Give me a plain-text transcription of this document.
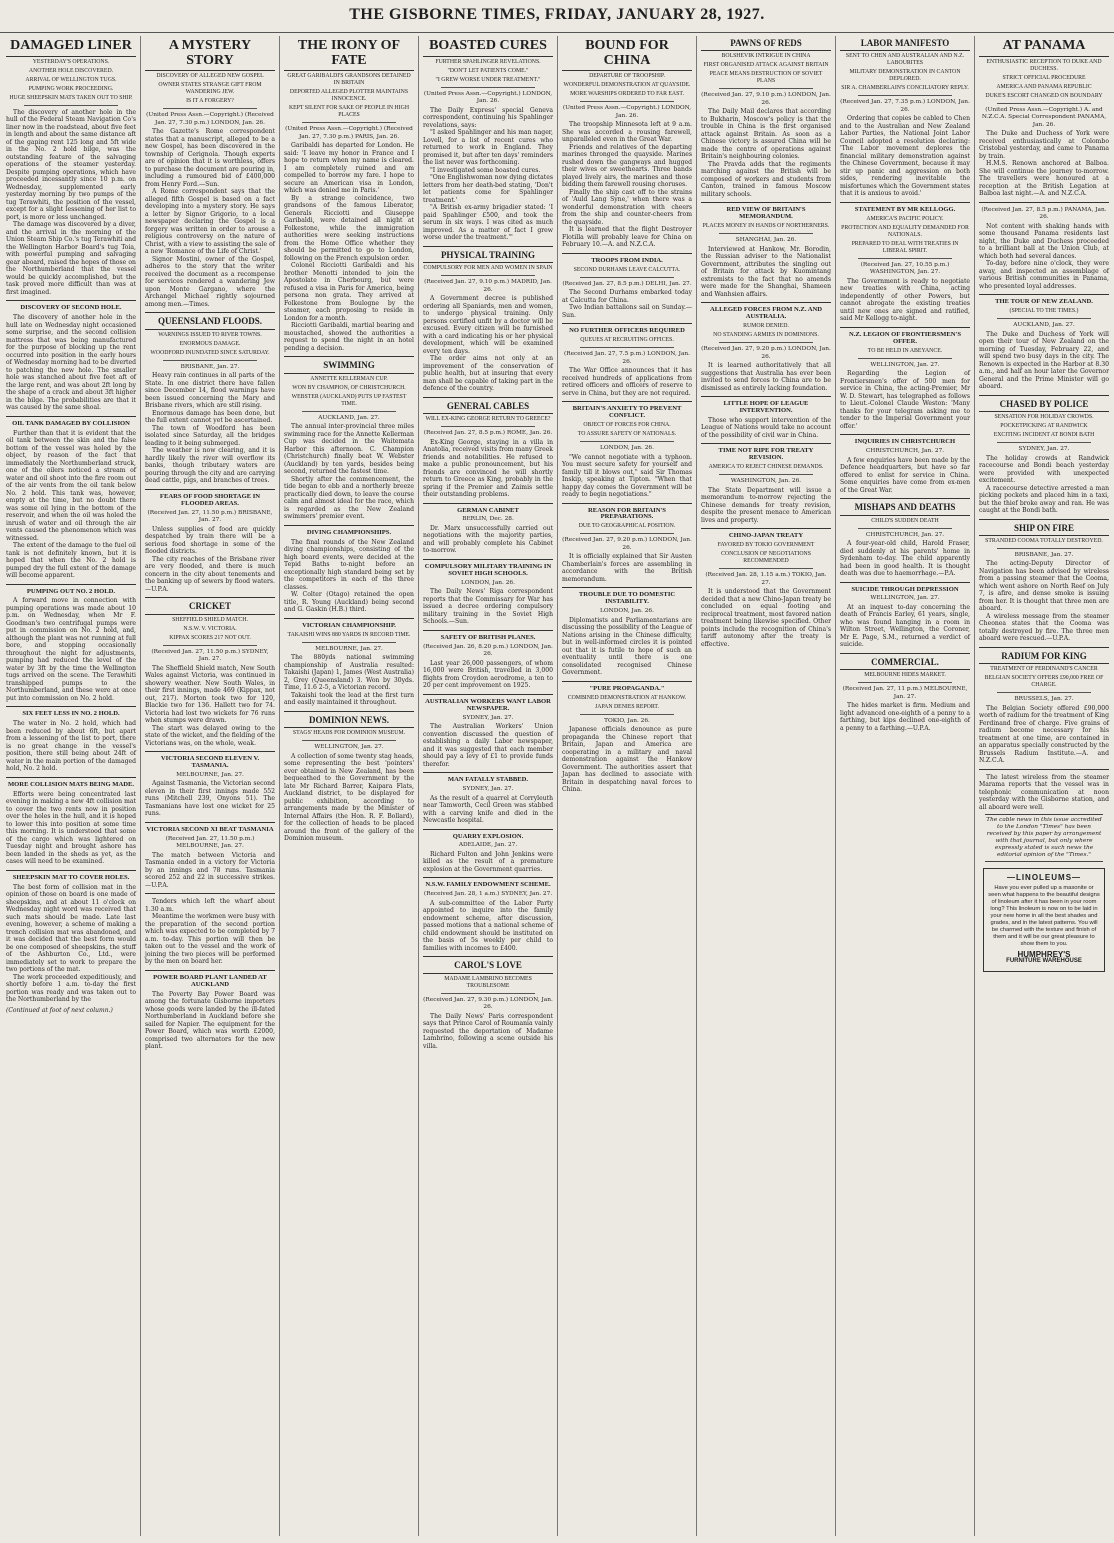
THE GISBORNE TIMES, FRIDAY, JANUARY 28, 1927.
DAMAGED LINER
YESTERDAY'S OPERATIONS.
ANOTHER HOLE DISCOVERED.
ARRIVAL OF WELLINGTON TUGS.
PUMPING WORK PROCEEDING.
HUGE SHEEPSKIN MATS TAKEN OUT TO SHIP.

The discovery of another hole in the hull of the Federal Steam Navigation Co's liner now in the roadstead, about five feet in length and about the same distance aft of the gaping rent 125 long and 5ft wide in the No. 2 hold bilge, was the outstanding feature of the salvaging operations of the steamer yesterday. Despite pumping operations, which have proceeded incessantly since 10 p.m. on Wednesday, supplemented early yesterday morning by two pumps of the tug Terawhiti, the position of the vessel, except for a slight lessening of her list to port, is more or less unchanged.

The damage was discovered by a diver, and the arrival in the morning of the Union Steam Ship Co.'s tug Terawhiti and the Wellington Harbor Board's tug Toia, with powerful pumping and salvaging gear aboard, raised the hopes of those on the Northumberland that the vessel would be quickly accomplished, but the task proved more difficult than was at first imagined.

DISCOVERY OF SECOND HOLE.

The discovery of another hole in the hull late on Wednesday night occasioned some surprise, and the second collision mattress that was being manufactured for the purpose of blocking up the rent occurred into position in the early hours of Wednesday morning had to be diverted to patching the new hole. The smaller hole was stanched about five feet aft of the large rent, and was about 2ft long by the shape of a crack and about 3ft higher in the bilge. The probabilities are that it was caused by the same shoal.

OIL TANK DAMAGED BY COLLISION

Further than that it is evident that the oil tank between the skin and the false bottom of the vessel was holed by the object, by reason of the fact that immediately the Northumberland struck, one of the oilers noticed a stream of water and oil shoot into the fire room out of the air vents from the oil tank below No. 2 hold. This tank was, however, empty at the time, but no doubt there was some oil lying in the bottom of the reservoir, and when the oil was holed the inrush of water and oil through the air vents caused the phenomenon which was witnessed.

The extent of the damage to the fuel oil tank is not definitely known, but it is hoped that when the No. 2 hold is pumped dry the full extent of the damage will become apparent.

PUMPING OUT NO. 2 HOLD.

A forward move in connection with pumping operations was made about 10 p.m. on Wednesday, when Mr F. Goodman's two centrifugal pumps were put in commission on No. 2 hold, and, although the plant was not running at full bore, and stopping occasionally throughout the night for adjustments, pumping had reduced the level of the water by 3ft by the time the Wellington tugs arrived on the scene. The Terawhiti transhipped pumps to the Northumberland, and these were at once put into commission on No. 2 hold.

SIX FEET LESS IN NO. 2 HOLD.

The water in No. 2 hold, which had been reduced by about 6ft, but apart from a lessening of the list to port, there is no great change in the vessel's position, there still being about 24ft of water in the main portion of the damaged hold, No. 2 hold.

MORE COLLISION MATS BEING MADE.

Efforts were being concentrated last evening in making a new 4ft collision mat to cover the two rents now in position over the holes in the hull, and it is hoped to lower this into position at some time this morning. It is understood that some of the cargo which was lightered on Tuesday night and brought ashore has been landed in the sheds as yet, as the cases will need to be examined.

SHEEPSKIN MAT TO COVER HOLES.

The best form of collision mat in the opinion of those on board is one made of sheepskins, and at about 11 o'clock on Wednesday night word was received that such mats should be made. Late last evening, however, a scheme of making a trench collision mat was abandoned, and it was decided that the best form would be one composed of sheepskins, the stuff of the Ashburton Co., Ltd., were immediately set to work to prepare the two portions of the mat.

The work proceeded expeditiously, and shortly before 1 a.m. to-day the first portion was ready and was taken out to the Northumberland by the

(Continued at foot of next column.)
A MYSTERY STORY
DISCOVERY OF ALLEGED NEW GOSPEL
OWNER STATES STRANGE GIFT FROM WANDERING JEW.
IS IT A FORGERY?
(United Press Assn.—Copyright.) (Received Jan. 27, 7.30 p.m.) LONDON, Jan. 26.

The Gazette's Rome correspondent states that a manuscript, alleged to be a new Gospel, has been discovered in the township of Cerignola. Though experts are of opinion that it is worthless, offers to purchase the document are pouring in, including a rumoured bid of £400,000 from Henry Ford.—Sun.

A Rome correspondent says that the alleged fifth Gospel is based on a fact developing into a mystery story. He says a letter by Signor Grigorio, to a local newspaper declaring the Gospel is a forgery was written in order to arouse a religious controversy on the nature of Christ, with a view to assisting the sale of a new 'Romance of the Life of Christ.'

Signor Mostini, owner of the Gospel, adheres to the story that the writer received the document as a recompense for services rendered a wandering Jew upon Monte Gargano, where the Archangel Michael rightly sojourned among men.—Times.

QUEENSLAND FLOODS.
WARNINGS ISSUED TO RIVER TOWNS.
ENORMOUS DAMAGE.
WOODFORD INUNDATED SINCE SATURDAY.
BRISBANE, Jan. 27.

Heavy rain continues in all parts of the State. In one district there have fallen since December 14, flood warnings have been issued concerning the Mary and Brisbane rivers, which are still rising.

Enormous damage has been done, but the full extent cannot yet be ascertained.

The town of Woodford has been isolated since Saturday, all the bridges leading to it being submerged.

The weather is now clearing, and it is hardly likely the river will overflow its banks, though tributary waters are pouring through the city and are carrying dead cattle, pigs, and branches of trees.

FEARS OF FOOD SHORTAGE IN FLOODED AREAS.
(Received Jan. 27, 11.50 p.m.) BRISBANE, Jan. 27.

Unless supplies of food are quickly despatched by train there will be a serious food shortage in some of the flooded districts.

The city reaches of the Brisbane river are very flooded, and there is much concern in the city about tenements and the banking up of sewers by flood waters.—U.P.A.

CRICKET
SHEFFIELD SHIELD MATCH.
N.S.W. V. VICTORIA.
KIPPAX SCORES 217 NOT OUT.
(Received Jan. 27, 11.50 p.m.) SYDNEY, Jan. 27.

The Sheffield Shield match, New South Wales against Victoria, was continued in showery weather. New South Wales, in their first innings, made 469 (Kippax, not out, 217). Morton took two for 120, Blackie two for 136. Hallett two for 74. Victoria had lost two wickets for 76 runs when stumps were drawn.

The start was delayed owing to the state of the wicket, and the fielding of the Victorians was, on the whole, weak.

VICTORIA SECOND ELEVEN V. TASMANIA.
MELBOURNE, Jan. 27.

Against Tasmania, the Victorian second eleven in their first innings made 552 runs (Mitchell 239, Onyons 51). The Tasmanians have lost one wicket for 25 runs.

VICTORIA SECOND XI BEAT TASMANIA
(Received Jan. 27, 11.50 p.m.) MELBOURNE, Jan. 27.

The match between Victoria and Tasmania ended in a victory for Victoria by an innings and 78 runs. Tasmania scored 252 and 22 in successive strikes.—U.P.A.

Tenders which left the wharf about 1.30 a.m.

Meantime the workmen were busy with the preparation of the second portion which was expected to be completed by 7 a.m. to-day. This portion will then be taken out to the vessel and the work of joining the two pieces will be performed by the men on board her.

POWER BOARD PLANT LANDED AT AUCKLAND

The Poverty Bay Power Board was among the fortunate Gisborne importers whose goods were landed by the ill-fated Northumberland in Auckland before she sailed for Napier. The equipment for the Power Board, which was worth £2000, comprised two alternators for the new plant.

THE IRONY OF FATE
GREAT GARIBALDI'S GRANDSONS DETAINED IN BRITAIN
DEPORTED ALLEGED PLOTTER MAINTAINS INNOCENCE.
KEPT SILENT FOR SAKE OF PEOPLE IN HIGH PLACES
(United Press Assn.—Copyright.) (Received Jan. 27, 7.30 p.m.) PARIS, Jan. 26.

Garibaldi has departed for London. He said: 'I leave my honor in France and I hope to return when my name is cleared. I am completely ruined and am compelled to borrow my fare. I hope to secure an American visa in London, which was denied me in Paris.'

By a strange coincidence, two grandsons of the famous Liberator, Generals Ricciotti and Giuseppe Garibaldi, were detained all night at Folkestone, while the immigration authorities were seeking instructions from the Home Office whether they should be permitted to go to London, following on the French expulsion order.

Colonel Ricciotti Garibaldi and his brother Menotti intended to join the Apostolate in Cherbourg, but were refused a visa in Paris for America, being persona non grata. They arrived at Folkestone from Boulogne by the steamer, each proposing to reside in London for a month.

Ricciotti Garibaldi, martial bearing and moustached, showed the authorities a request to spend the night in an hotel pending a decision.

SWIMMING
ANNETTE KELLERMAN CUP.
WON BY CHAMPION, OF CHRISTCHURCH.
WEBSTER (AUCKLAND) PUTS UP FASTEST TIME.
AUCKLAND, Jan. 27.

The annual inter-provincial three miles swimming race for the Annette Kellerman Cup was decided in the Waitemata Harbor this afternoon. C. Champion (Christchurch) finally beat W. Webster (Auckland) by ten yards, besides being second, returned the fastest time.

Shortly after the commencement, the tide began to ebb and a northerly breeze practically died down, to leave the course calm and almost ideal for the race, which is regarded as the New Zealand swimmers' premier event.

DIVING CHAMPIONSHIPS.

The final rounds of the New Zealand diving championships, consisting of the high board events, were decided at the Tepid Baths to-night before an exceptionally high standard being set by the competitors in each of the three classes.

W. Colter (Otago) retained the open title, R. Young (Auckland) being second and G. Gaskin (H.B.) third.

VICTORIAN CHAMPIONSHIP.
TAKAISHI WINS 880 YARDS IN RECORD TIME.
MELBOURNE, Jan. 27.

The 880yds national swimming championship of Australia resulted: Takaishi (Japan) 1, James (West Australia) 2, Grey (Queensland) 3. Won by 30yds. Time, 11.6 2-5, a Victorian record.

Takaishi took the lead at the first turn and easily maintained it throughout.

DOMINION NEWS.
STAGS' HEADS FOR DOMINION MUSEUM.
WELLINGTON, Jan. 27.

A collection of some twenty stag heads, some representing the best 'pointers' ever obtained in New Zealand, has been bequeathed to the Government by the late Mr Richard Barrer, Kaipara Flats, Auckland district, to be displayed for public exhibition, according to arrangements made by the Minister of Internal Affairs (the Hon. R. F. Bollard), for the collection of heads to be placed around the front of the gallery of the Dominion museum.

BOASTED CURES
FURTHER SPAHLINGER REVELATIONS.
"DON'T LET PATIENTS COME."
"I GREW WORSE UNDER TREATMENT."
(United Press Assn.—Copyright.) LONDON, Jan. 26.

The Daily Express' special Geneva correspondent, continuing his Spahlinger revelations, says:

"I asked Spahlinger and his man nager, Lovell, for a list of recent cures who returned to work in England. They promised it, but after ten days' reminders the list never was forthcoming.

"I investigated some boasted cures.

"One Englishwoman now dying dictates letters from her death-bed stating, 'Don't let patients come for Spahlinger treatment.'

"A British ex-army brigadier stated: 'I paid Spahlinger £500, and took the serum in six ways. I was cited as much improved. As a matter of fact I grew worse under the treatment.'"

PHYSICAL TRAINING
COMPULSORY FOR MEN AND WOMEN IN SPAIN
(Received Jan. 27, 9.10 p.m.) MADRID, Jan. 26.

A Government decree is published ordering all Spaniards, men and women, to undergo physical training. Only persons certified unfit by a doctor will be excused. Every citizen will be furnished with a card indicating his or her physical development, which will be examined every ten days.

The order aims not only at an improvement of the conservation of public health, but at insuring that every man shall be capable of taking part in the defence of the country.

GENERAL CABLES
WILL EX-KING GEORGE RETURN TO GREECE?
(Received Jan. 27, 8.5 p.m.) ROME, Jan. 26.

Ex-King George, staying in a villa in Anatolia, received visits from many Greek friends and notabilities. He refused to make a public pronouncement, but his friends are convinced he will shortly return to Greece as King, probably in the spring if the Premier and Zaimis settle their outstanding problems.

GERMAN CABINET
BERLIN, Dec. 28.

Dr. Marx unsuccessfully carried out negotiations with the majority parties, and will probably complete his Cabinet to-morrow.

COMPULSORY MILITARY TRAINING IN SOVIET HIGH SCHOOLS.
LONDON, Jan. 26.

The Daily News' Riga correspondent reports that the Commissary for War has issued a decree ordering compulsory military training in the Soviet High Schools.—Sun.

SAFETY OF BRITISH PLANES.
(Received Jan. 26, 8.20 p.m.) LONDON, Jan. 26.

Last year 26,000 passengers, of whom 16,000 were British, travelled in 3,000 flights from Croydon aerodrome, a ten to 20 per cent improvement on 1925.

AUSTRALIAN WORKERS WANT LABOR NEWSPAPER.
SYDNEY, Jan. 27.

The Australian Workers' Union convention discussed the question of establishing a daily Labor newspaper, and it was suggested that each member should pay a levy of £1 to provide funds therefor.

MAN FATALLY STABBED.
SYDNEY, Jan. 27.

As the result of a quarrel at Corryleuth near Tamworth, Cecil Green was stabbed with a carving knife and died in the Newcastle hospital.

QUARRY EXPLOSION.
ADELAIDE, Jan. 27.

Richard Fulton and John Jenkins were killed as the result of a premature explosion at the Government quarries.

N.S.W. FAMILY ENDOWMENT SCHEME.
(Received Jan. 28, 1 a.m.) SYDNEY, Jan. 27.

A sub-committee of the Labor Party appointed to inquire into the family endowment scheme, after discussion, passed motions that a national scheme of child endowment should be instituted on the basis of 5s weekly per child to families with incomes to £400.

CAROL'S LOVE
MADAME LAMBRINO BECOMES TROUBLESOME
(Received Jan. 27, 9.30 p.m.) LONDON, Jan. 26.

The Daily News' Paris correspondent says that Prince Carol of Roumania vainly requested the deportation of Madame Lambrino, following a scene outside his villa.

BOUND FOR CHINA
DEPARTURE OF TROOPSHIP.
WONDERFUL DEMONSTRATION AT QUAYSIDE.
MORE WARSHIPS ORDERED TO FAR EAST.
(United Press Assn.—Copyright.) LONDON, Jan. 26.

The troopship Minnesota left at 9 a.m. She was accorded a rousing farewell, unparalleled even in the Great War.

Friends and relatives of the departing marines thronged the quayside. Marines rushed down the gangways and hugged their wives or sweethearts. Three bands played lively airs, the marines and those bidding them farewell rousing choruses.

Finally the ship cast off to the strains of 'Auld Lang Syne,' when there was a wonderful demonstration with cheers from the ship and counter-cheers from the quayside.

It is learned that the flight Destroyer Flotilla will probably leave for China on February 10.—A. and N.Z.C.A.

TROOPS FROM INDIA.
SECOND DURHAMS LEAVE CALCUTTA.
(Received Jan. 27, 8.5 p.m.) DELHI, Jan. 27.

The Second Durhams embarked today at Calcutta for China.

Two Indian battalions sail on Sunday.—Sun.

NO FURTHER OFFICERS REQUIRED
QUEUES AT RECRUITING OFFICES.
(Received Jan. 27, 7.5 p.m.) LONDON, Jan. 26.

The War Office announces that it has received hundreds of applications from retired officers and officers of reserve to serve in China, but they are not required.

BRITAIN'S ANXIETY TO PREVENT CONFLICT.
OBJECT OF FORCES FOR CHINA.
TO ASSURE SAFETY OF NATIONALS.
LONDON, Jan. 26.

"We cannot negotiate with a typhoon. You must secure safety for yourself and family till it blows out," said Sir Thomas Inskip, speaking at Tipton. "When that happy day comes the Government will be ready to begin negotiations."

REASON FOR BRITAIN'S PREPARATIONS.
DUE TO GEOGRAPHICAL POSITION.
(Received Jan. 27, 9.20 p.m.) LONDON, Jan. 26.

It is officially explained that Sir Austen Chamberlain's forces are assembling in accordance with the British memorandum.

TROUBLE DUE TO DOMESTIC INSTABILITY.
LONDON, Jan. 26.

Diplomatists and Parliamentarians are discussing the possibility of the League of Nations arising in the Chinese difficulty, but in well-informed circles it is pointed out that it is futile to hope of such an eventuality until there is one consolidated recognised Chinese Government.

"PURE PROPAGANDA."
COMBINED DEMONSTRATION AT HANKOW.
JAPAN DENIES REPORT.
TOKIO, Jan. 26.

Japanese officials denounce as pure propaganda the Chinese report that Britain, Japan and America are cooperating in a military and naval demonstration against the Hankow Government. The authorities assert that Japan has declined to associate with Britain in despatching naval forces to China.

PAWNS OF REDS
BOLSHEVIK INTRIGUE IN CHINA
FIRST ORGANISED ATTACK AGAINST BRITAIN
PEACE MEANS DESTRUCTION OF SOVIET PLANS
(Received Jan. 27, 9.10 p.m.) LONDON, Jan. 26.

The Daily Mail declares that according to Bukharin, Moscow's policy is that the trouble in China is the first organised attack against Britain. As soon as a Chinese victory is assured China will be made the centre of operations against Britain's neighbouring colonies.

The Pravda adds that the regiments marching against the British will be composed of workers and students from Canton, trained in famous Moscow military schools.

RED VIEW OF BRITAIN'S MEMORANDUM.
PLACES MONEY IN HANDS OF NORTHERNERS.
SHANGHAI, Jan. 26.

Interviewed at Hankow, Mr. Borodin, the Russian adviser to the Nationalist Government, attributes the singling out of Britain for attack by Kuomintang extremists to the fact that no amends were made for the Shanghai, Shameen and Wanhsien affairs.

ALLEGED FORCES FROM N.Z. AND AUSTRALIA.
RUMOR DENIED.
NO STANDING ARMIES IN DOMINIONS.
(Received Jan. 27, 9.20 p.m.) LONDON, Jan. 26.

It is learned authoritatively that all suggestions that Australia has ever been invited to send forces to China are to be dismissed as entirely lacking foundation.

LITTLE HOPE OF LEAGUE INTERVENTION.

Those who support intervention of the League of Nations would take no account of the possibility of civil war in China.

TIME NOT RIPE FOR TREATY REVISION.
AMERICA TO REJECT CHINESE DEMANDS.
WASHINGTON, Jan. 26.

The State Department will issue a memorandum to-morrow rejecting the Chinese demands for treaty revision, despite the present menace to American lives and property.

CHINO-JAPAN TREATY
FAVORED BY TOKIO GOVERNMENT
CONCLUSION OF NEGOTIATIONS RECOMMENDED
(Received Jan. 28, 1.15 a.m.) TOKIO, Jan. 27.

It is understood that the Government decided that a new Chino-Japan treaty be concluded on equal footing and reciprocal treatment, most favored nation treatment being likewise specified. Other points include the recognition of China's tariff autonomy after the treaty is effective.

LABOR MANIFESTO
SENT TO CHEN AND AUSTRALIAN AND N.Z. LABOURITES
MILITARY DEMONSTRATION IN CANTON DEPLORED.
SIR A. CHAMBERLAIN'S CONCILIATORY REPLY.
(Received Jan. 27, 7.35 p.m.) LONDON, Jan. 26.

Ordering that copies be cabled to Chen and to the Australian and New Zealand Labor Parties, the National Joint Labor Council adopted a resolution declaring: 'The Labor movement deplores the financial military demonstration against the Chinese Government, because it may stir up panic and aggression on both sides, rendering inevitable the misfortunes which the Government states that it is anxious to avoid.'

STATEMENT BY MR KELLOGG.
AMERICA'S PACIFIC POLICY.
PROTECTION AND EQUALITY DEMANDED FOR NATIONALS.
PREPARED TO DEAL WITH TREATIES IN LIBERAL SPIRIT.
(Received Jan. 27, 10.55 p.m.) WASHINGTON, Jan. 27.

The Government is ready to negotiate new treaties with China, acting independently of other Powers, but cannot abrogate the existing treaties until new ones are signed and ratified, said Mr Kellogg to-night.

N.Z. LEGION OF FRONTIERSMEN'S OFFER.
TO BE HELD IN ABEYANCE.
WELLINGTON, Jan. 27.

Regarding the Legion of Frontiersmen's offer of 500 men for service in China, the acting-Premier, Mr W. D. Stewart, has telegraphed as follows to Lieut.-Colonel Claude Weston: 'Many thanks for your telegram asking me to tender to the Imperial Government your offer.'

INQUIRIES IN CHRISTCHURCH
CHRISTCHURCH, Jan. 27.

A few enquiries have been made by the Defence headquarters, but have so far offered to enlist for service in China. Some enquiries have come from ex-men of the Great War.

MISHAPS AND DEATHS
CHILD'S SUDDEN DEATH
CHRISTCHURCH, Jan. 27.

A four-year-old child, Harold Fraser, died suddenly at his parents' home in Sydenham to-day. The child apparently had been in good health. It is thought death was due to haemorrhage.—P.A.

SUICIDE THROUGH DEPRESSION
WELLINGTON, Jan. 27.

At an inquest to-day concerning the death of Francis Earley, 61 years, single, who was found hanging in a room in Wilton Street, Wellington, the Coroner, Mr E. Page, S.M., returned a verdict of suicide.

COMMERCIAL.
MELBOURNE HIDES MARKET.
(Received Jan. 27, 11 p.m.) MELBOURNE, Jan. 27.

The hides market is firm. Medium and light advanced one-eighth of a penny to a farthing, but kips declined one-eighth of a penny to a farthing.—U.P.A.

AT PANAMA
ENTHUSIASTIC RECEPTION TO DUKE AND DUCHESS.
STRICT OFFICIAL PROCEDURE
AMERICA AND PANAMA REPUBLIC
DUKE'S ESCORT CHANGED ON BOUNDARY
(United Press Assn.—Copyright.) A. and N.Z.C.A. Special Correspondent PANAMA, Jan. 26.

The Duke and Duchess of York were received enthusiastically at Colombo Cristobal yesterday, and came to Panama by train.

H.M.S. Renown anchored at Balboa. She will continue the journey to-morrow. The travellers were honoured at a reception at the British Legation at Balboa last night.—A. and N.Z.C.A.

(Received Jan. 27, 8.5 p.m.) PANAMA, Jan. 26.

Not content with shaking hands with some thousand Panama residents last night, the Duke and Duchess proceeded to a brilliant ball at the Union Club, at which both had several dances.

To-day, before nine o'clock, they were away, and inspected an assemblage of various British communities in Panama, who presented loyal addresses.

THE TOUR OF NEW ZEALAND.
(SPECIAL TO THE TIMES.)
AUCKLAND, Jan. 27.

The Duke and Duchess of York will open their tour of New Zealand on the morning of Tuesday, February 22, and will spend two busy days in the city. The Renown is expected in the Harbor at 8.30 a.m., and half an hour later the Governor General and the Prime Minister will go aboard.

CHASED BY POLICE
SENSATION FOR HOLIDAY CROWDS.
POCKETPICKING AT RANDWICK
EXCITING INCIDENT AT BONDI BATH
SYDNEY, Jan. 27.

The holiday crowds at Randwick racecourse and Bondi beach yesterday were provided with unexpected excitement.

A racecourse detective arrested a man picking pockets and placed him in a taxi, but the thief broke away and ran. He was caught at the Bondi bath.

SHIP ON FIRE
STRANDED COOMA TOTALLY DESTROYED.
BRISBANE, Jan. 27.

The acting-Deputy Director of Navigation has been advised by wireless from a passing steamer that the Cooma, which went ashore on North Reef on July 7, is afire, and dense smoke is issuing from her. It is thought that three men are aboard.

A wireless message from the steamer Cheonea states that the Cooma was totally destroyed by fire. The three men aboard were rescued.—U.P.A.

RADIUM FOR KING
TREATMENT OF FERDINAND'S CANCER
BELGIAN SOCIETY OFFERS £90,000 FREE OF CHARGE.
BRUSSELS, Jan. 27.

The Belgian Society offered £90,000 worth of radium for the treatment of King Ferdinand free of charge. Five grains of radium become necessary for his treatment at one time, are contained in an apparatus specially constructed by the Brussels Radium Institute.—A. and N.Z.C.A.

The latest wireless from the steamer Marama reports that the vessel was in telephonic communication at noon yesterday with the Gisborne station, and all aboard were well.

The cable news in this issue accredited to the London "Times" has been received by this paper by arrangement with that journal, but only where expressly stated is such news the editorial opinion of the "Times."
—LINOLEUMS—
Have you ever pulled up a masonite or seen what happens to the beautiful designs of linoleum after it has been in your room long? This linoleum is now on to be laid in your new home in all the best shades and grades, and in the latest patterns. You will be charmed with the texture and finish of them and it will be our great pleasure to show them to you.
HUMPHREY'S
FURNITURE WAREHOUSE
